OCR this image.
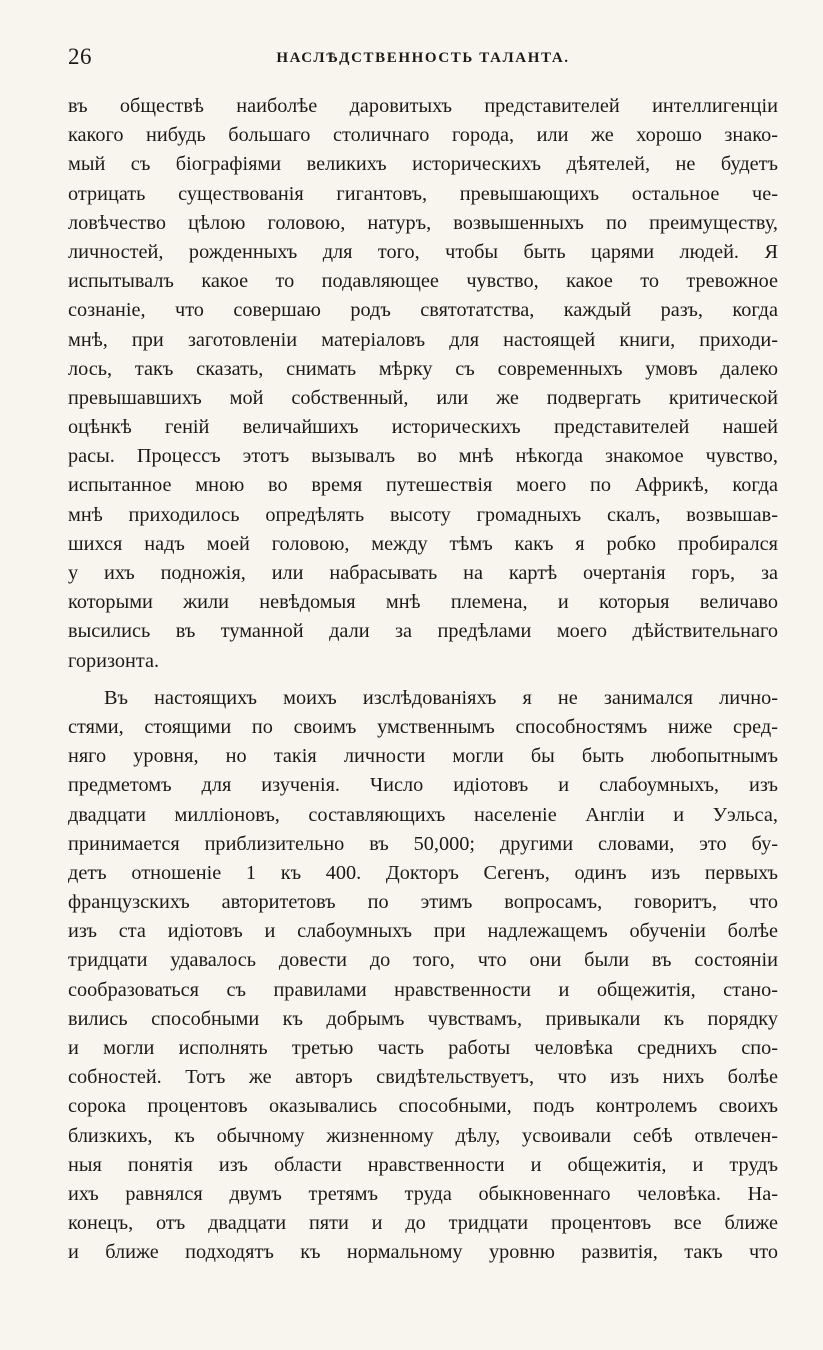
26	НАСЛѢДСТВЕННОСТЬ ТАЛАНТА.
въ обществѣ наиболѣе даровитыхъ представителей интеллигенціи
какого нибудь большаго столичнаго города, или же хорошо знако-
мый съ біографіями великихъ историческихъ дѣятелей, не будетъ
отрицать существованія гигантовъ, превышающихъ остальное че-
ловѣчество цѣлою головою, натуръ, возвышенныхъ по преимуществу,
личностей, рожденныхъ для того, чтобы быть царями людей. Я
испытывалъ какое то подавляющее чувство, какое то тревожное
сознаніе, что совершаю родъ святотатства, каждый разъ, когда
мнѣ, при заготовленіи матеріаловъ для настоящей книги, приходи-
лось, такъ сказать, снимать мѣрку съ современныхъ умовъ далеко
превышавшихъ мой собственный, или же подвергать критической
оцѣнкѣ геній величайшихъ историческихъ представителей нашей
расы. Процессъ этотъ вызывалъ во мнѣ нѣкогда знакомое чувство,
испытанное мною во время путешествія моего по Африкѣ, когда
мнѣ приходилось опредѣлять высоту громадныхъ скалъ, возвышав-
шихся надъ моей головою, между тѣмъ какъ я робко пробирался
у ихъ подножія, или набрасывать на картѣ очертанія горъ, за
которыми жили невѣдомыя мнѣ племена, и которыя величаво
высились въ туманной дали за предѣлами моего дѣйствительнаго
горизонта.
Въ настоящихъ моихъ изслѣдованіяхъ я не занимался лично-
стями, стоящими по своимъ умственнымъ способностямъ ниже сред-
няго уровня, но такія личности могли бы быть любопытнымъ
предметомъ для изученія. Число идіотовъ и слабоумныхъ, изъ
двадцати милліоновъ, составляющихъ населеніе Англіи и Уэльса,
принимается приблизительно въ 50,000; другими словами, это бу-
детъ отношеніе 1 къ 400. Докторъ Сегенъ, одинъ изъ первыхъ
французскихъ авторитетовъ по этимъ вопросамъ, говоритъ, что
изъ ста идіотовъ и слабоумныхъ при надлежащемъ обученіи болѣе
тридцати удавалось довести до того, что они были въ состояніи
сообразоваться съ правилами нравственности и общежитія, стано-
вились способными къ добрымъ чувствамъ, привыкали къ порядку
и могли исполнять третью часть работы человѣка среднихъ спо-
собностей. Тотъ же авторъ свидѣтельствуетъ, что изъ нихъ болѣе
сорока процентовъ оказывались способными, подъ контролемъ своихъ
близкихъ, къ обычному жизненному дѣлу, усвоивали себѣ отвлечен-
ныя понятія изъ области нравственности и общежитія, и трудъ
ихъ равнялся двумъ третямъ труда обыкновеннаго человѣка. На-
конецъ, отъ двадцати пяти и до тридцати процентовъ все ближе
и ближе подходятъ къ нормальному уровню развитія, такъ что
